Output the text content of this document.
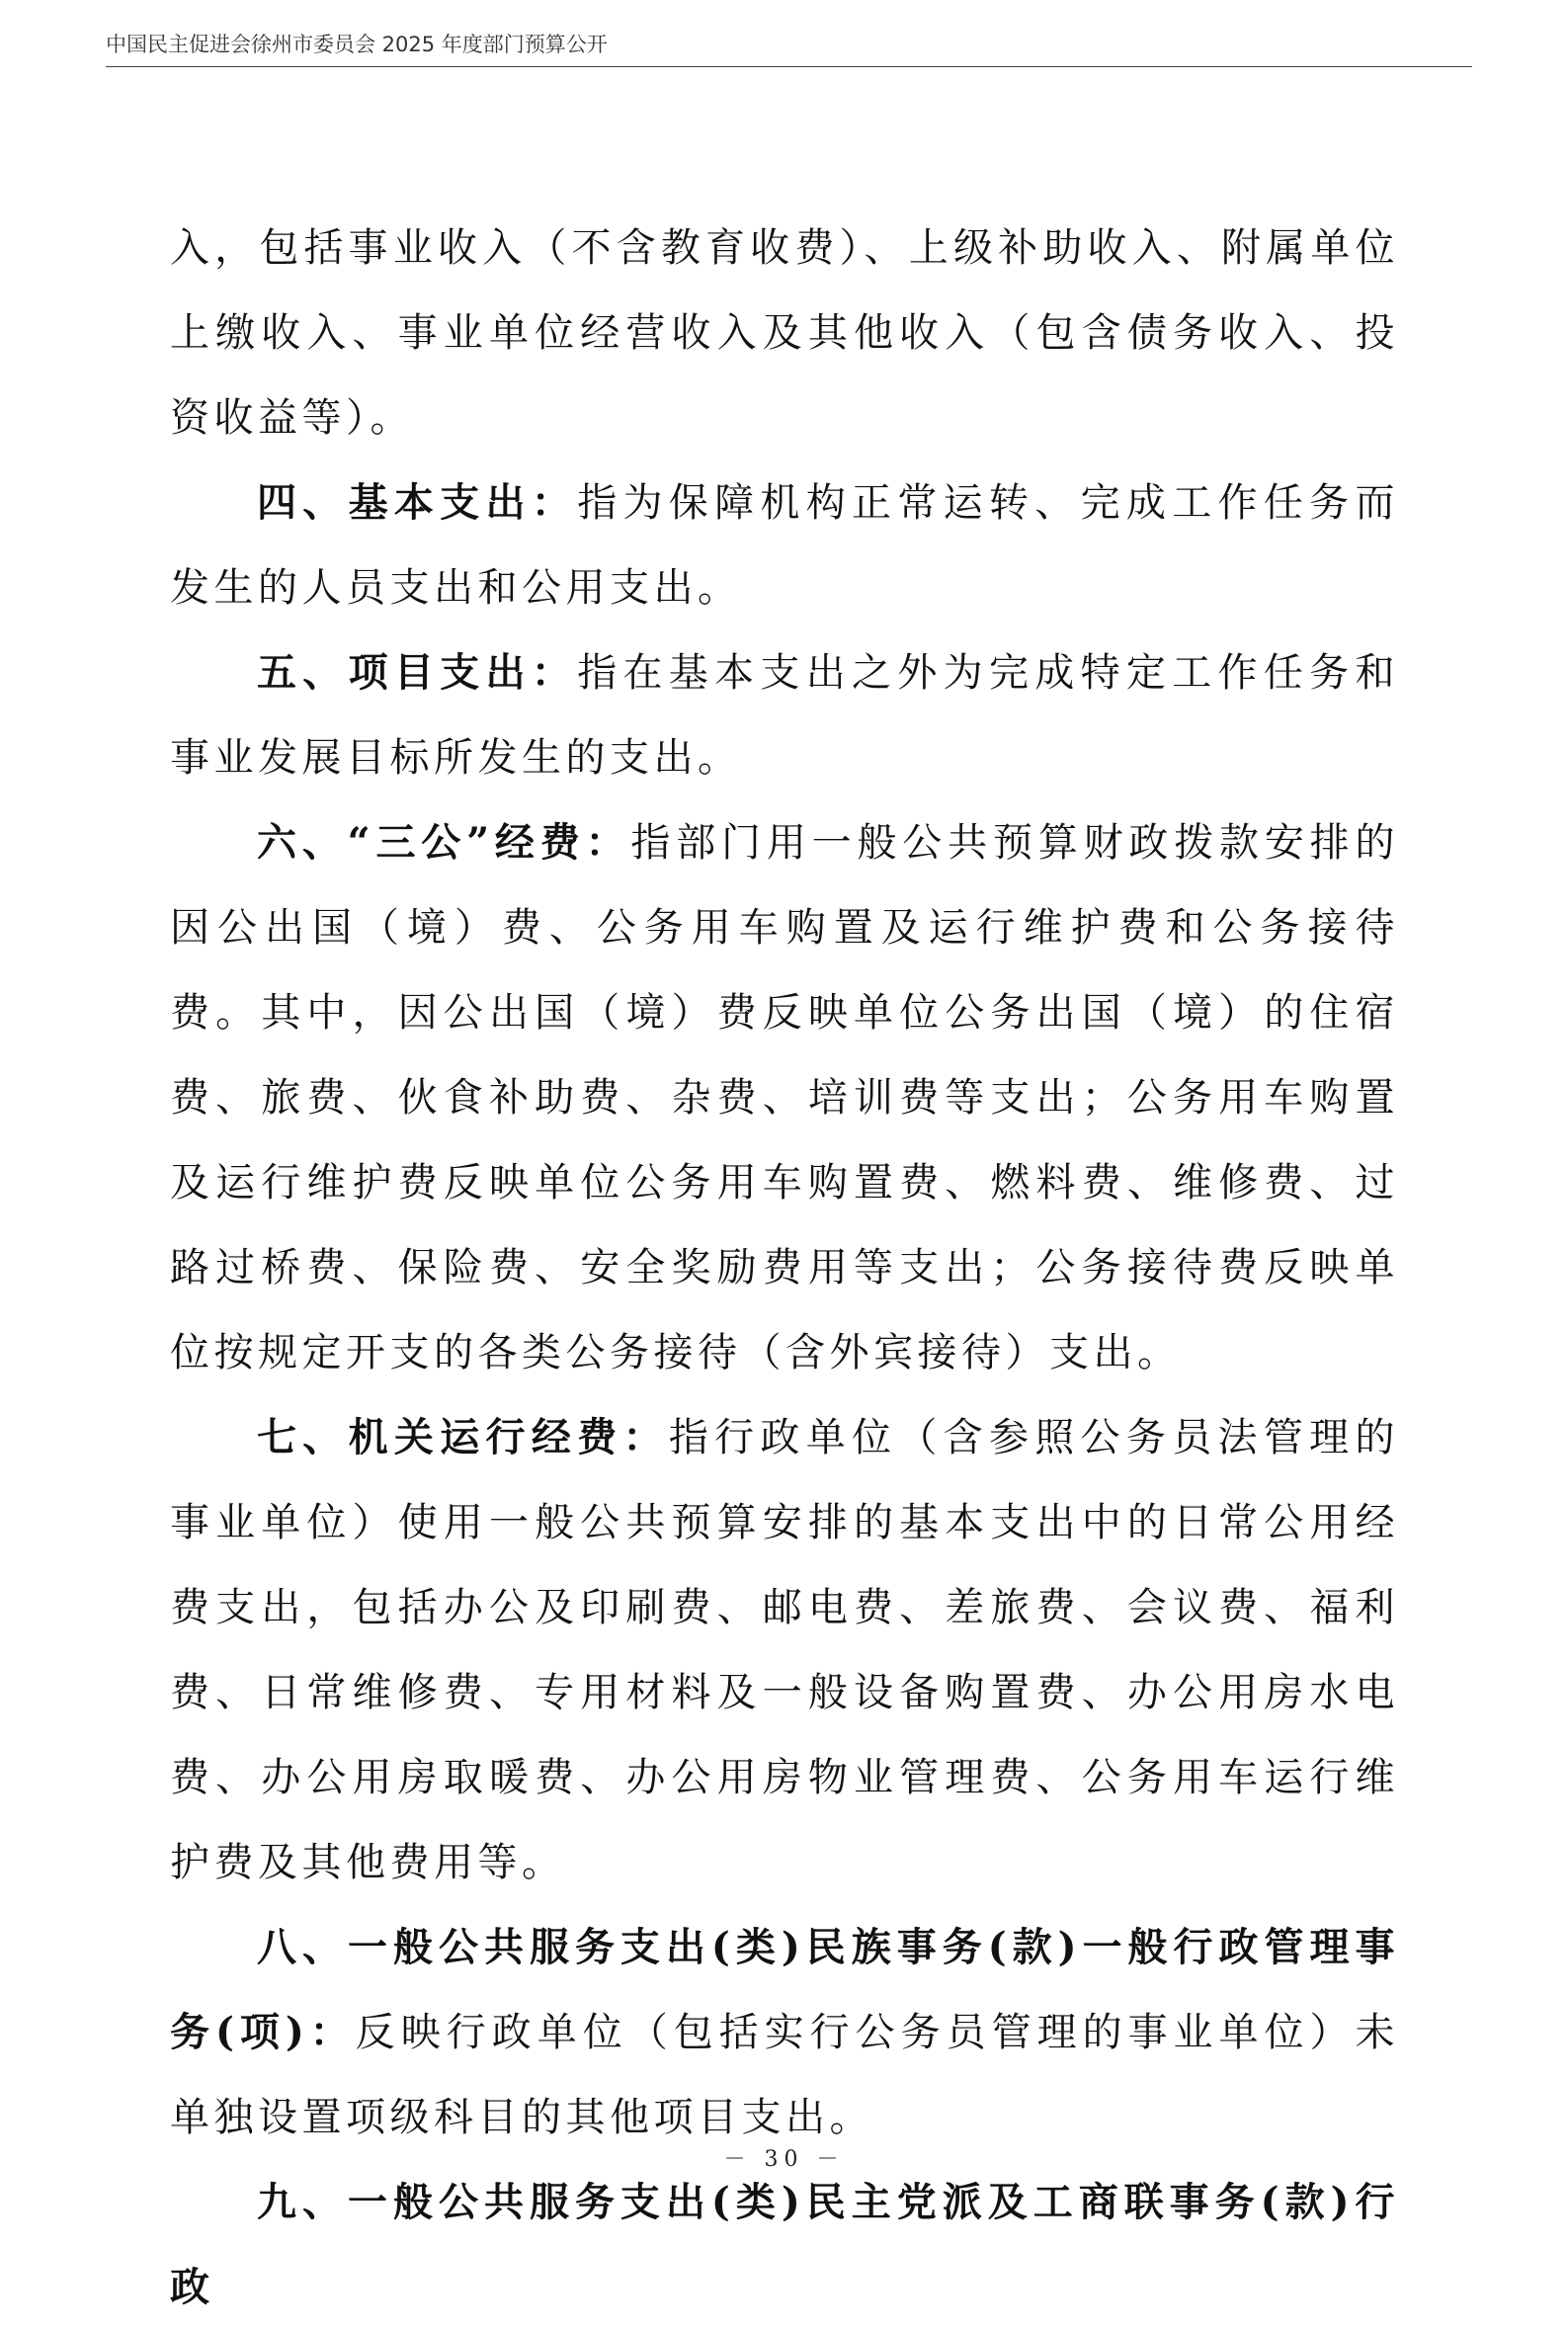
中国民主促进会徐州市委员会 2025 年度部门预算公开

入，包括事业收入（不含教育收费）、上级补助收入、附属单位上缴收入、事业单位经营收入及其他收入（包含债务收入、投资收益等）。

四、基本支出：指为保障机构正常运转、完成工作任务而发生的人员支出和公用支出。

五、项目支出：指在基本支出之外为完成特定工作任务和事业发展目标所发生的支出。

六、“三公”经费：指部门用一般公共预算财政拨款安排的因公出国（境）费、公务用车购置及运行维护费和公务接待费。其中，因公出国（境）费反映单位公务出国（境）的住宿费、旅费、伙食补助费、杂费、培训费等支出；公务用车购置及运行维护费反映单位公务用车购置费、燃料费、维修费、过路过桥费、保险费、安全奖励费用等支出；公务接待费反映单位按规定开支的各类公务接待（含外宾接待）支出。

七、机关运行经费：指行政单位（含参照公务员法管理的事业单位）使用一般公共预算安排的基本支出中的日常公用经费支出，包括办公及印刷费、邮电费、差旅费、会议费、福利费、日常维修费、专用材料及一般设备购置费、办公用房水电费、办公用房取暖费、办公用房物业管理费、公务用车运行维护费及其他费用等。

八、一般公共服务支出(类)民族事务(款)一般行政管理事务(项)：反映行政单位（包括实行公务员管理的事业单位）未单独设置项级科目的其他项目支出。

九、一般公共服务支出(类)民主党派及工商联事务(款)行政

－ 30 －
